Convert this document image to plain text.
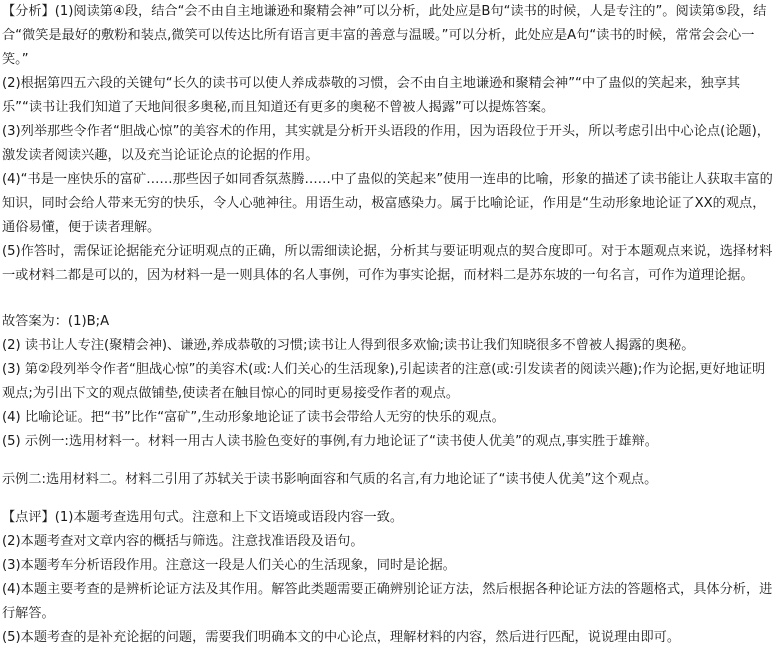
【分析】(1)阅读第④段，结合“会不由自主地谦逊和聚精会神”可以分析，此处应是B句“读书的时候，人是专注的”。阅读第⑤段，结合“微笑是最好的敷粉和装点,微笑可以传达比所有语言更丰富的善意与温暖。”可以分析，此处应是A句“读书的时候，常常会会心一笑。”

(2)根据第四五六段的关键句“长久的读书可以使人养成恭敬的习惯，会不由自主地谦逊和聚精会神”“中了蛊似的笑起来，独享其乐”“读书让我们知道了天地间很多奥秘,而且知道还有更多的奥秘不曾被人揭露”可以提炼答案。

(3)列举那些令作者“胆战心惊”的美容术的作用，其实就是分析开头语段的作用，因为语段位于开头，所以考虑引出中心论点(论题)，激发读者阅读兴趣，以及充当论证论点的论据的作用。

(4)“书是一座快乐的富矿……那些因子如同香氛蒸腾……中了蛊似的笑起来”使用一连串的比喻，形象的描述了读书能让人获取丰富的知识，同时会给人带来无穷的快乐，令人心驰神往。用语生动，极富感染力。属于比喻论证，作用是“生动形象地论证了XX的观点，通俗易懂，便于读者理解。

(5)作答时，需保证论据能充分证明观点的正确，所以需细读论据，分析其与要证明观点的契合度即可。对于本题观点来说，选择材料一或材料二都是可以的，因为材料一是一则具体的名人事例，可作为事实论据，而材料二是苏东坡的一句名言，可作为道理论据。

故答案为：(1)B;A

(2) 读书让人专注(聚精会神)、谦逊,养成恭敬的习惯;读书让人得到很多欢愉;读书让我们知晓很多不曾被人揭露的奥秘。

(3) 第②段列举令作者“胆战心惊”的美容术(或:人们关心的生活现象),引起读者的注意(或:引发读者的阅读兴趣);作为论据,更好地证明观点;为引出下文的观点做铺垫,使读者在触目惊心的同时更易接受作者的观点。

(4) 比喻论证。把“书”比作“富矿”,生动形象地论证了读书会带给人无穷的快乐的观点。

(5) 示例一:选用材料一。材料一用古人读书脸色变好的事例,有力地论证了“读书使人优美”的观点,事实胜于雄辩。

示例二:选用材料二。材料二引用了苏轼关于读书影响面容和气质的名言,有力地论证了“读书使人优美”这个观点。

【点评】(1)本题考查选用句式。注意和上下文语境或语段内容一致。

(2)本题考查对文章内容的概括与筛选。注意找准语段及语句。

(3)本题考车分析语段作用。注意这一段是人们关心的生活现象，同时是论据。

(4)本题主要考查的是辨析论证方法及其作用。解答此类题需要正确辨别论证方法，然后根据各种论证方法的答题格式，具体分析，进行解答。

(5)本题考查的是补充论据的问题，需要我们明确本文的中心论点，理解材料的内容，然后进行匹配，说说理由即可。
